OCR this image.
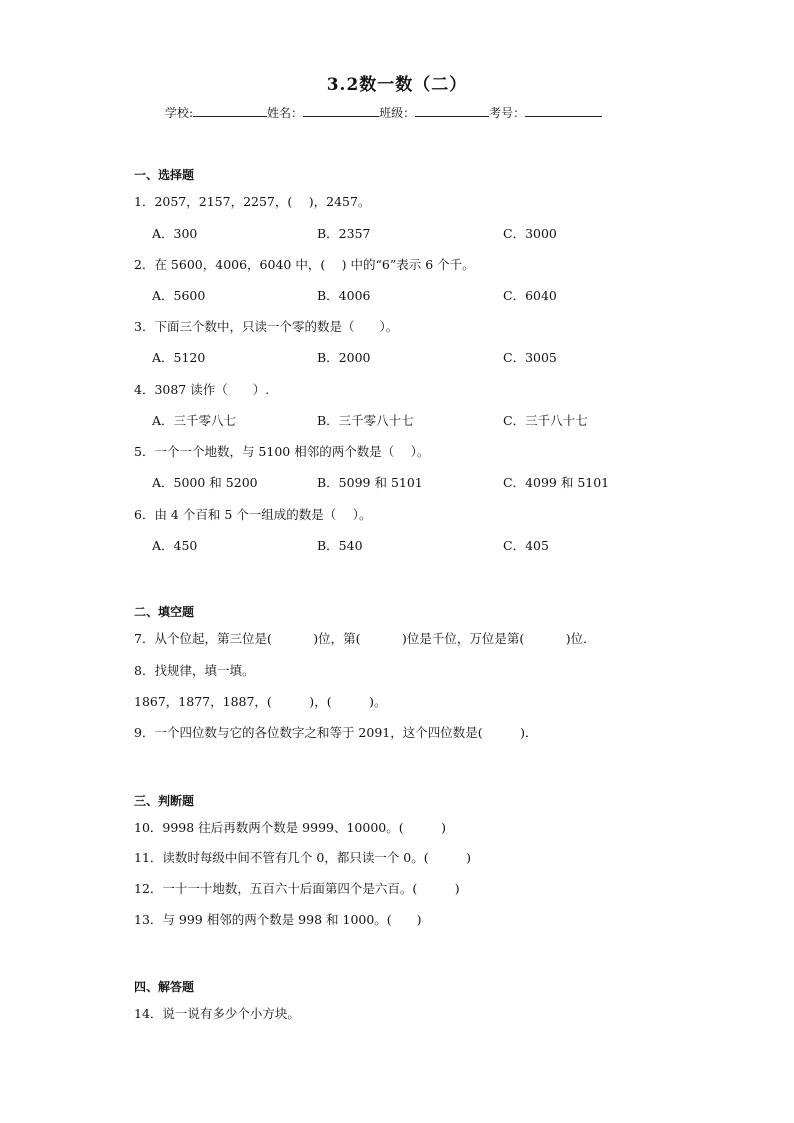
3.2数一数（二）
学校:	姓名：	班级：	考号：
一、选择题
1．2057，2157，2257，(　 )，2457。
A．300	B．2357	C．3000
2．在 5600，4006，6040 中，(　 ) 中的“6”表示 6 个千。
A．5600	B．4006	C．6040
3．下面三个数中，只读一个零的数是（　　）。
A．5120	B．2000	C．3005
4．3087 读作（　　）.
A．三千零八七	B．三千零八十七	C．三千八十七
5．一个一个地数，与 5100 相邻的两个数是（　 ）。
A．5000 和 5200	B．5099 和 5101	C．4099 和 5101
6．由 4 个百和 5 个一组成的数是（　 ）。
A．450	B．540	C．405
二、填空题
7．从个位起，第三位是(　　　 )位，第(　　　 )位是千位，万位是第(　　　 )位．
8．找规律，填一填。
1867，1877，1887，(　　　)，(　　　)。
9．一个四位数与它的各位数字之和等于 2091，这个四位数是(　　　)．
三、判断题
10．9998 往后再数两个数是 9999、10000。(　　　)
11．读数时每级中间不管有几个 0，都只读一个 0。(　　　)
12．一十一十地数，五百六十后面第四个是六百。(　　　)
13．与 999 相邻的两个数是 998 和 1000。(　　)
四、解答题
14．说一说有多少个小方块。
